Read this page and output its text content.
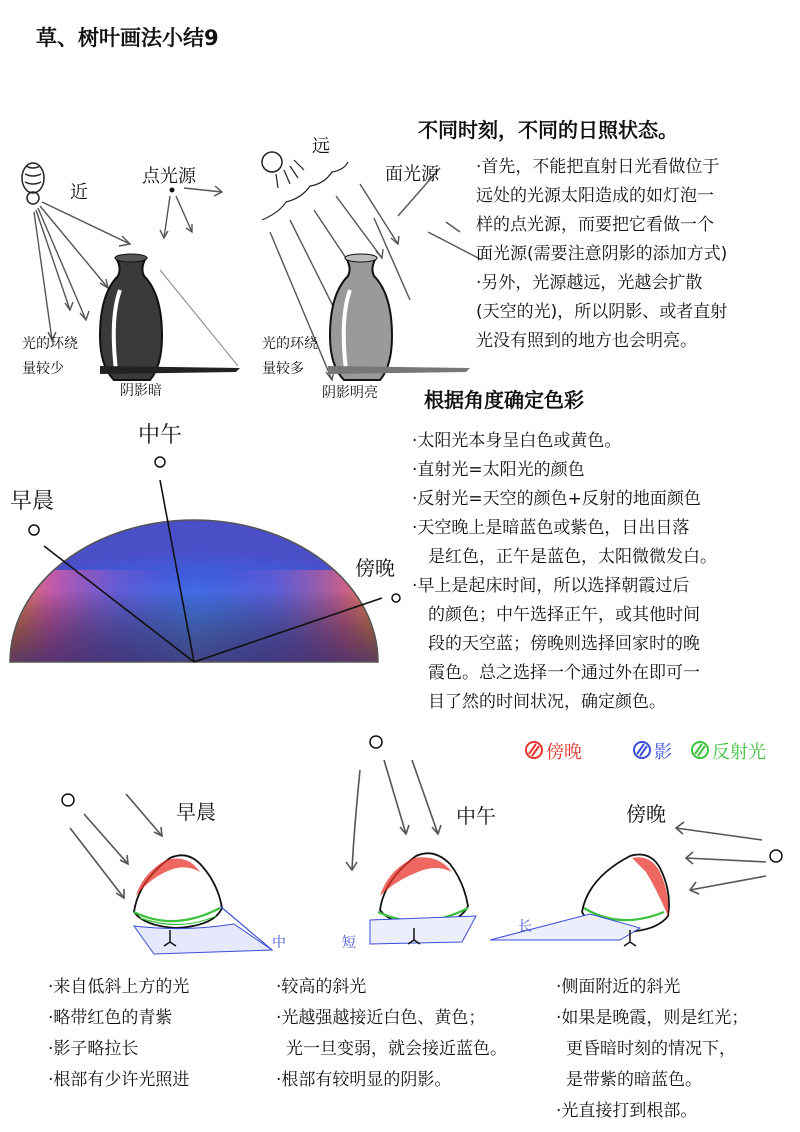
草、树叶画法小结9
近
点光源
光的环绕
量较少
阴影暗
远
面光源
光的环绕
量较多
阴影明亮
不同时刻，不同的日照状态。
·首先，不能把直射日光看做位于
远处的光源太阳造成的如灯泡一
样的点光源，而要把它看做一个
面光源(需要注意阴影的添加方式)
·另外，光源越远，光越会扩散
(天空的光)，所以阴影、或者直射
光没有照到的地方也会明亮。
中午
早晨
傍晚
根据角度确定色彩
·太阳光本身呈白色或黄色。
·直射光=太阳光的颜色
·反射光=天空的颜色+反射的地面颜色
·天空晚上是暗蓝色或紫色，日出日落
是红色，正午是蓝色，太阳微微发白。
·早上是起床时间，所以选择朝霞过后
的颜色；中午选择正午，或其他时间
段的天空蓝；傍晚则选择回家时的晚
霞色。总之选择一个通过外在即可一
目了然的时间状况，确定颜色。
傍晚	影 反射光
早晨
中
中午
短
傍晚
长
·来自低斜上方的光
·略带红色的青紫
·影子略拉长
·根部有少许光照进
·较高的斜光
·光越强越接近白色、黄色；
光一旦变弱，就会接近蓝色。
·根部有较明显的阴影。
·侧面附近的斜光
·如果是晚霞，则是红光；
更昏暗时刻的情况下，
是带紫的暗蓝色。
·光直接打到根部。
